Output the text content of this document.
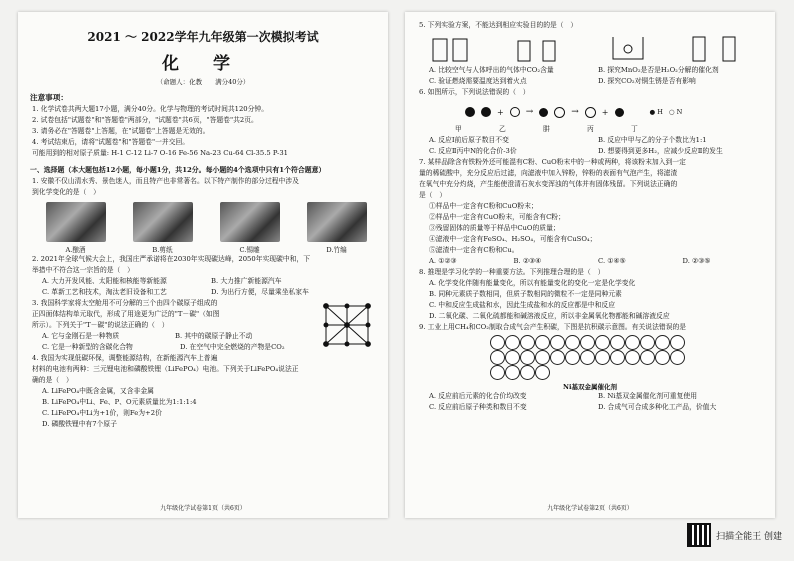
2021 ～ 2022学年九年级第一次模拟考试
化 学
（命题人：化教　　满分40分）
注意事项：
1. 化学试卷共两大题17小题，满分40分。化学与物理的考试时间共120分钟。
2. 试卷包括"试题卷"和"答题卷"两部分，"试题卷"共6页，"答题卷"共2页。
3. 请务必在"答题卷"上答题，在"试题卷"上答题是无效的。
4. 考试结束后，请将"试题卷"和"答题卷"一并交回。
可能用到的相对原子质量: H-1 C-12 Li-7 O-16 Fe-56 Na-23 Cu-64 Cl-35.5 P-31
一、选择题（本大题包括12小题，每小题1分，共12分。每小题的4个选项中只有1个符合题意）
1. 安徽不仅山清水秀、景色迷人，而且特产也非常著名。以下特产制作的部分过程中涉及
到化学变化的是（　）
A.酿酒	B.剪纸	C.锡雕	D.竹编
2. 2021年全球气候大会上，我国庄严承诺将在2030年实现碳达峰，2050年实现碳中和，下
举措中不符合这一宗旨的是（　）
A. 大力开发风能、太阳能和核能等新能源	B. 大力推广新能源汽车
C. 革新工艺和技术，淘汰老旧设备和工艺	D. 为出行方便，尽量乘坐私家车
3. 我国科学家将太空舱用不可分解的三个由四个碳原子组成的
正四面体结构单元取代，形成了用途更为广泛的"T－碳"（如图
所示）。下列关于"T－碳"的说法正确的（　）
A. 它与金刚石是一种物质	B. 其中的碳原子静止不动
C. 它是一种新型的含碳化合物	D. 在空气中完全燃烧的产物是CO₂
4. 我国为实现低碳环保，调整能源结构，在新能源汽车上普遍
材料的电池有两种：三元锂电池和磷酸铁锂（LiFePO₄）电池。下列关于LiFePO₄说法正
确的是（　）
A. LiFePO₄中既含金属，又含非金属
B. LiFePO₄中Li、Fe、P、O元素质量比为1:1:1:4
C. LiFePO₄中Li为+1价，则Fe为+2价
D. 磷酸铁锂中有7个原子
九年级化学试卷第1页（共6页）
5. 下列实验方案，不能达到相应实验目的的是（　）
A. 比较空气与人体呼出的气体中CO₂含量	B. 探究MnO₂是否是H₂O₂分解的催化剂
C. 验证燃烧需要温度达到着火点	D. 探究CO₂对铜生锈是否有影响
6. 如图所示，下列说法错误的（　）
+ →	→	+	● H ○ N
甲	乙	肼	丙	丁
A. 反应Ⅰ前后原子数目不变	B. 反应中甲与乙的分子个数比为1:1
C. 反应Ⅱ丙中N的化合价-3价	D. 想要得到更多H₂，应减少反应Ⅱ的发生
7. 某样品除含有铁粉外还可能混有C粉、CuO粉末中的一种或两种，将该粉末加入到一定
量的稀硫酸中，充分反应后过滤，向滤液中加入锌粉，锌粉的表面有气泡产生，将滤渣
在氧气中充分灼烧，产生能使澄清石灰水变浑浊的气体并有固体残留。下列说法正确的
是（　）
①样品中一定含有C粉和CuO粉末；
②样品中一定含有CuO粉末，可能含有C粉；
③残留固体的质量等于样品中CuO的质量；
④滤液中一定含有FeSO₄、H₂SO₄，可能含有CuSO₄；
⑤滤渣中一定含有C粉和Cu。
A. ①②③	B. ②③④	C. ①④⑤	D. ②③⑤
8. 推理是学习化学的一种重要方法。下列推理合理的是（　）
A. 化学变化伴随有能量变化，所以有能量变化的变化一定是化学变化
B. 同种元素质子数相同，但质子数相同的微粒不一定是同种元素
C. 中和反应生成盐和水，因此生成盐和水的反应都是中和反应
D. 二氧化碳、二氧化硫都能和碱溶液反应，所以非金属氧化物都能和碱溶液反应
9. 工业上用CH₄和CO₂制取合成气会产生积碳，下图是抗积碳示意图。有关说法错误的是
Ni基双金属催化剂
A. 反应前后元素的化合价均改变	B. Ni基双金属催化剂可重复使用
C. 反应前后原子种类和数目不变	D. 合成气可合成多种化工产品，价值大
九年级化学试卷第2页（共6页）
扫描全能王 创建
